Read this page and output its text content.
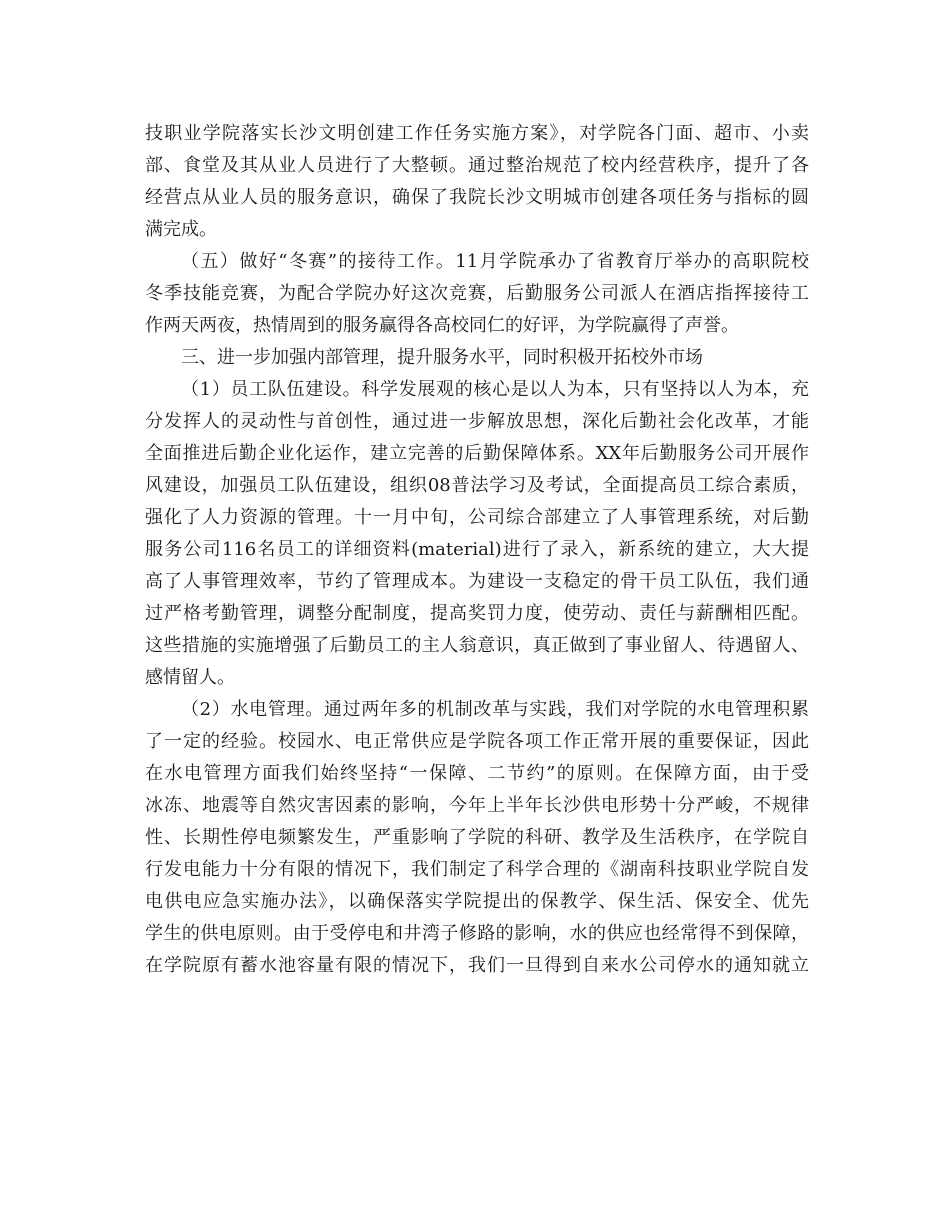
技职业学院落实长沙文明创建工作任务实施方案》，对学院各门面、超市、小卖
部、食堂及其从业人员进行了大整顿。通过整治规范了校内经营秩序，提升了各
经营点从业人员的服务意识，确保了我院长沙文明城市创建各项任务与指标的圆
满完成。
（五）做好“冬赛”的接待工作。11月学院承办了省教育厅举办的高职院校
冬季技能竞赛，为配合学院办好这次竞赛，后勤服务公司派人在酒店指挥接待工
作两天两夜，热情周到的服务赢得各高校同仁的好评，为学院赢得了声誉。
三、进一步加强内部管理，提升服务水平，同时积极开拓校外市场
（1）员工队伍建设。科学发展观的核心是以人为本，只有坚持以人为本，充
分发挥人的灵动性与首创性，通过进一步解放思想，深化后勤社会化改革，才能
全面推进后勤企业化运作，建立完善的后勤保障体系。XX年后勤服务公司开展作
风建设，加强员工队伍建设，组织08普法学习及考试，全面提高员工综合素质，
强化了人力资源的管理。十一月中旬，公司综合部建立了人事管理系统，对后勤
服务公司116名员工的详细资料(material)进行了录入，新系统的建立，大大提
高了人事管理效率，节约了管理成本。为建设一支稳定的骨干员工队伍，我们通
过严格考勤管理，调整分配制度，提高奖罚力度，使劳动、责任与薪酬相匹配。
这些措施的实施增强了后勤员工的主人翁意识，真正做到了事业留人、待遇留人、
感情留人。
（2）水电管理。通过两年多的机制改革与实践，我们对学院的水电管理积累
了一定的经验。校园水、电正常供应是学院各项工作正常开展的重要保证，因此
在水电管理方面我们始终坚持“一保障、二节约”的原则。在保障方面，由于受
冰冻、地震等自然灾害因素的影响，今年上半年长沙供电形势十分严峻，不规律
性、长期性停电频繁发生，严重影响了学院的科研、教学及生活秩序，在学院自
行发电能力十分有限的情况下，我们制定了科学合理的《湖南科技职业学院自发
电供电应急实施办法》，以确保落实学院提出的保教学、保生活、保安全、优先
学生的供电原则。由于受停电和井湾子修路的影响，水的供应也经常得不到保障，
在学院原有蓄水池容量有限的情况下，我们一旦得到自来水公司停水的通知就立
